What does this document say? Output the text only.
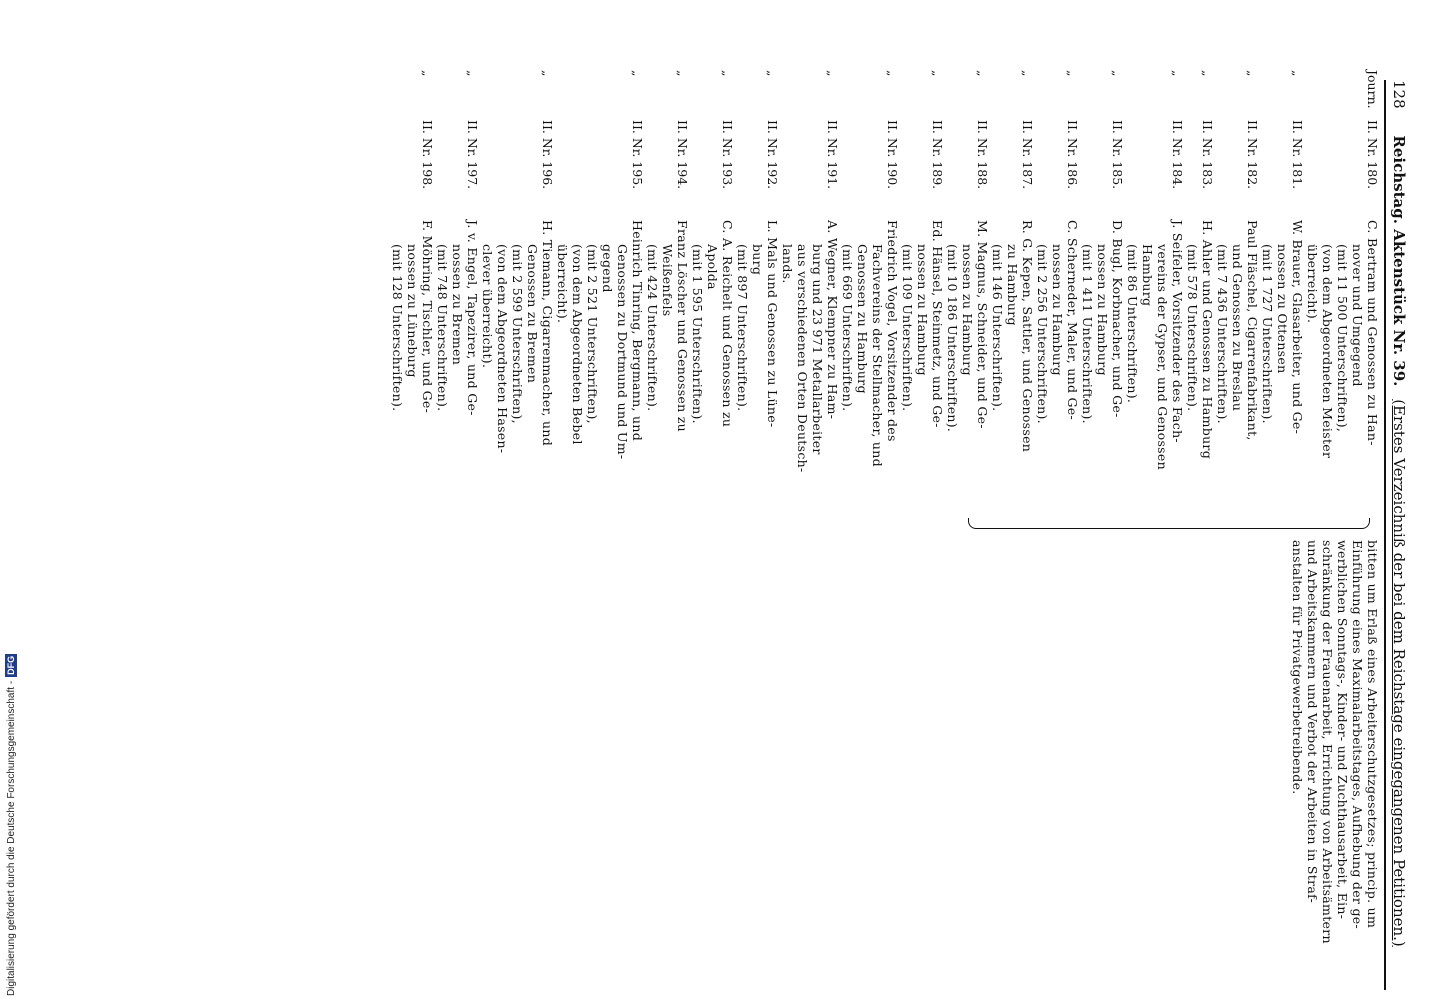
128 Reichstag. Aktenstück Nr. 39. (Erstes Verzeichniß der bei dem Reichstage eingegangenen Petitionen.)
Journ.
II. Nr. 180.
C. Bertram und Genossen zu Han-
nover und Umgegend
(mit 11 500 Unterschriften),
(von dem Abgeordneten Meister
überreicht).
„
II. Nr. 181.
W. Brauer, Glasarbeiter, und Ge-
nossen zu Ottensen
(mit 1 727 Unterschriften).
„
II. Nr. 182.
Paul Fläschel, Cigarrenfabrikant,
und Genossen zu Breslau
(mit 7 436 Unterschriften).
„
II. Nr. 183.
H. Ahler und Genossen zu Hamburg
(mit 578 Unterschriften).
„
II. Nr. 184.
J. Seifeler, Vorsitzender des Fach-
vereins der Gypser, und Genossen
Hamburg
(mit 86 Unterschriften).
„
II. Nr. 185.
D. Bugl, Korbmacher, und Ge-
nossen zu Hamburg
(mit 1 411 Unterschriften).
„
II. Nr. 186.
C. Scherneder, Maler, und Ge-
nossen zu Hamburg
(mit 2 256 Unterschriften).
„
II. Nr. 187.
R. G. Kepen, Sattler, und Genossen
zu Hamburg
(mit 146 Unterschriften).
„
II. Nr. 188.
M. Magnus, Schneider, und Ge-
nossen zu Hamburg
(mit 10 186 Unterschriften).
„
II. Nr. 189.
Ed. Hänsel, Steinmetz, und Ge-
nossen zu Hamburg
(mit 109 Unterschriften).
„
II. Nr. 190.
Friedrich Vogel, Vorsitzender des
Fachvereins der Stellmacher, und
Genossen zu Hamburg
(mit 669 Unterschriften).
„
II. Nr. 191.
A. Wegner, Klempner zu Ham-
burg und 23 971 Metallarbeiter
aus verschiedenen Orten Deutsch-
lands.
„
II. Nr. 192.
L. Mals und Genossen zu Lüne-
burg
(mit 897 Unterschriften).
„
II. Nr. 193.
C. A. Reichelt und Genossen zu
Apolda
(mit 1 595 Unterschriften).
„
II. Nr. 194.
Franz Löscher und Genossen zu
Weißenfels
(mit 424 Unterschriften).
„
II. Nr. 195.
Heinrich Tinring, Bergmann, und
Genossen zu Dortmund und Um-
gegend
(mit 2 521 Unterschriften),
(von dem Abgeordneten Bebel
überreicht).
„
II. Nr. 196.
H. Tiemann, Cigarrenmacher, und
Genossen zu Bremen
(mit 2 599 Unterschriften),
(von dem Abgeordneten Hasen-
clever überreicht).
„
II. Nr. 197.
J. v. Engel, Tapezirer, und Ge-
nossen zu Bremen
(mit 748 Unterschriften).
„
II. Nr. 198.
F. Möhring, Tischler, und Ge-
nossen zu Lüneburg
(mit 128 Unterschriften).
bitten um Erlaß eines Arbeiterschutzgesetzes; princip. um
Einführung eines Maximalarbeitstages, Aufhebung der ge-
werblichen Sonntags-, Kinder- und Zuchthausarbeit, Ein-
schränkung der Frauenarbeit, Errichtung von Arbeitsämtern
und Arbeitskammern und Verbot der Arbeiten in Straf-
anstalten für Privatgewerbetreibende.
Digitalisierung gefördert durch die Deutsche Forschungsgemeinschaft -DFG
